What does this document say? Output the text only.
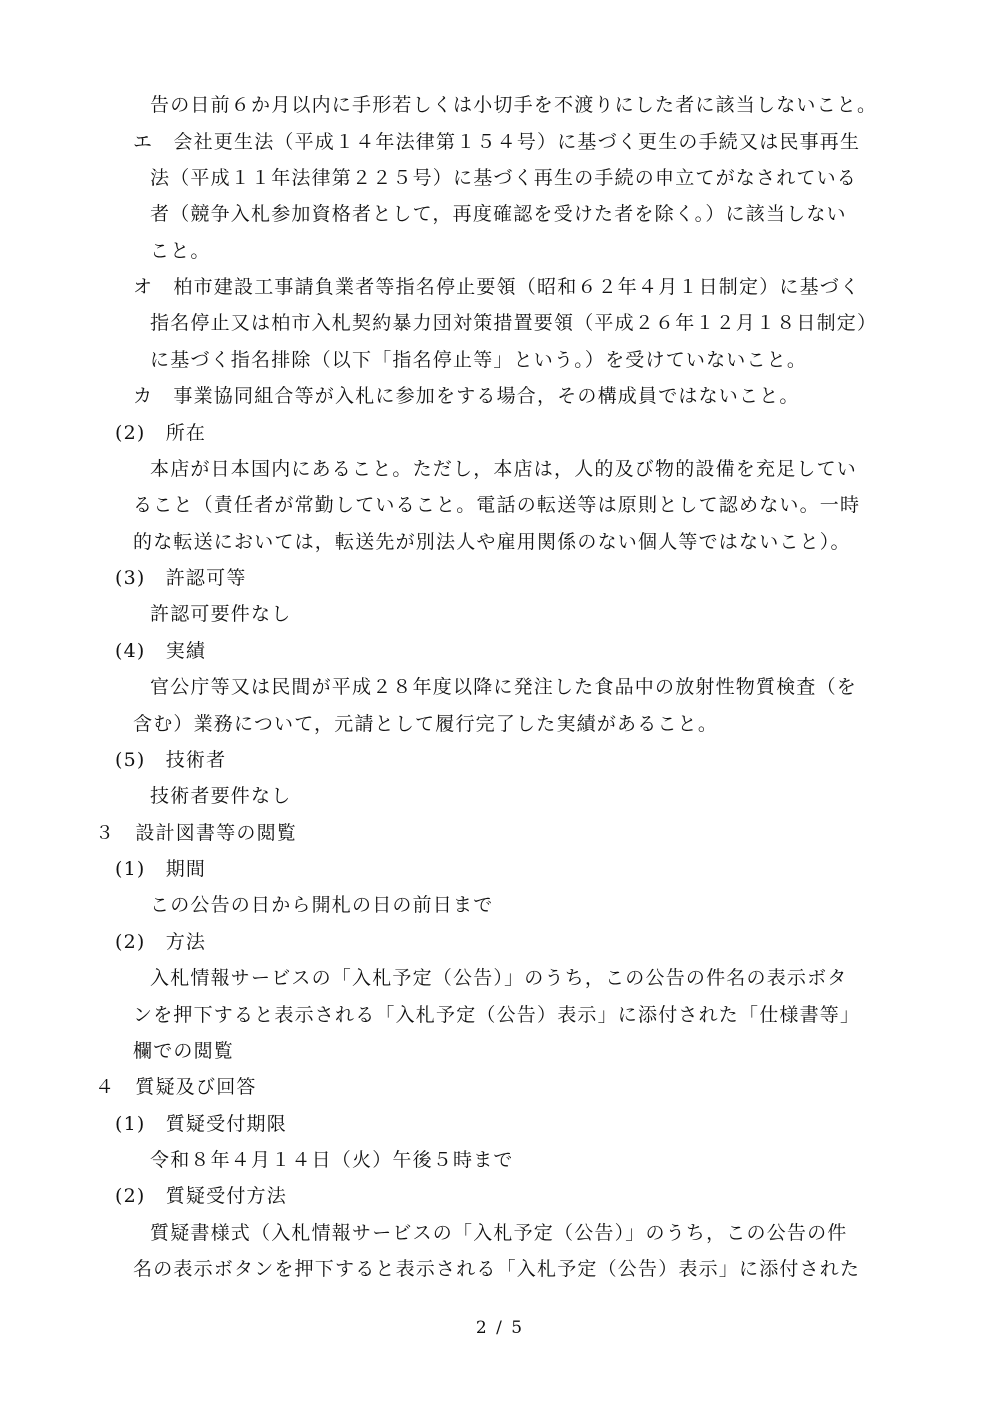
告の日前６か月以内に手形若しくは小切手を不渡りにした者に該当しないこと。
エ　会社更生法（平成１４年法律第１５４号）に基づく更生の手続又は民事再生
法（平成１１年法律第２２５号）に基づく再生の手続の申立てがなされている
者（競争入札参加資格者として，再度確認を受けた者を除く。）に該当しない
こと。
オ　柏市建設工事請負業者等指名停止要領（昭和６２年４月１日制定）に基づく
指名停止又は柏市入札契約暴力団対策措置要領（平成２６年１２月１８日制定）
に基づく指名排除（以下「指名停止等」という。）を受けていないこと。
カ　事業協同組合等が入札に参加をする場合，その構成員ではないこと。
(2)　所在
本店が日本国内にあること。ただし，本店は，人的及び物的設備を充足してい
ること（責任者が常勤していること。電話の転送等は原則として認めない。一時
的な転送においては，転送先が別法人や雇用関係のない個人等ではないこと）。
(3)　許認可等
許認可要件なし
(4)　実績
官公庁等又は民間が平成２８年度以降に発注した食品中の放射性物質検査（を
含む）業務について，元請として履行完了した実績があること。
(5)　技術者
技術者要件なし
３　設計図書等の閲覧
(1)　期間
この公告の日から開札の日の前日まで
(2)　方法
入札情報サービスの「入札予定（公告）」のうち，この公告の件名の表示ボタ
ンを押下すると表示される「入札予定（公告）表示」に添付された「仕様書等」
欄での閲覧
４　質疑及び回答
(1)　質疑受付期限
令和８年４月１４日（火）午後５時まで
(2)　質疑受付方法
質疑書様式（入札情報サービスの「入札予定（公告）」のうち，この公告の件
名の表示ボタンを押下すると表示される「入札予定（公告）表示」に添付された
2 / 5
